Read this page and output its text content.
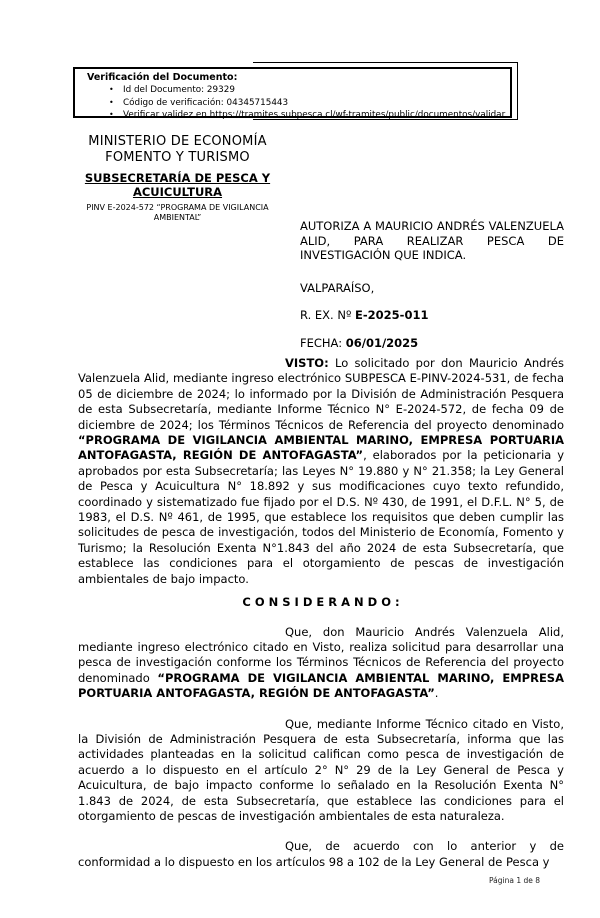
Verificación del Documento:
• Id del Documento: 29329
• Código de verificación: 04345715443
• Verificar validez en https://tramites.subpesca.cl/wf-tramites/public/documentos/validar
MINISTERIO DE ECONOMÍA
FOMENTO Y TURISMO
SUBSECRETARÍA DE PESCA Y ACUICULTURA
PINV E-2024-572 “PROGRAMA DE VIGILANCIA AMBIENTAL”
AUTORIZA A MAURICIO ANDRÉS VALENZUELA ALID, PARA REALIZAR PESCA DE INVESTIGACIÓN QUE INDICA.
VALPARAÍSO,
R. EX. Nº E-2025-011
FECHA: 06/01/2025

VISTO: Lo solicitado por don Mauricio Andrés Valenzuela Alid, mediante ingreso electrónico SUBPESCA E-PINV-2024-531, de fecha 05 de diciembre de 2024; lo informado por la División de Administración Pesquera de esta Subsecretaría, mediante Informe Técnico N° E-2024-572, de fecha 09 de diciembre de 2024; los Términos Técnicos de Referencia del proyecto denominado “PROGRAMA DE VIGILANCIA AMBIENTAL MARINO, EMPRESA PORTUARIA ANTOFAGASTA, REGIÓN DE ANTOFAGASTA”, elaborados por la peticionaria y aprobados por esta Subsecretaría; las Leyes N° 19.880 y N° 21.358; la Ley General de Pesca y Acuicultura N° 18.892 y sus modificaciones cuyo texto refundido, coordinado y sistematizado fue fijado por el D.S. Nº 430, de 1991, el D.F.L. N° 5, de 1983, el D.S. Nº 461, de 1995, que establece los requisitos que deben cumplir las solicitudes de pesca de investigación, todos del Ministerio de Economía, Fomento y Turismo; la Resolución Exenta N°1.843 del año 2024 de esta Subsecretaría, que establece las condiciones para el otorgamiento de pescas de investigación ambientales de bajo impacto.

C O N S I D E R A N D O :

Que, don Mauricio Andrés Valenzuela Alid, mediante ingreso electrónico citado en Visto, realiza solicitud para desarrollar una pesca de investigación conforme los Términos Técnicos de Referencia del proyecto denominado “PROGRAMA DE VIGILANCIA AMBIENTAL MARINO, EMPRESA PORTUARIA ANTOFAGASTA, REGIÓN DE ANTOFAGASTA”.

Que, mediante Informe Técnico citado en Visto, la División de Administración Pesquera de esta Subsecretaría, informa que las actividades planteadas en la solicitud califican como pesca de investigación de acuerdo a lo dispuesto en el artículo 2° N° 29 de la Ley General de Pesca y Acuicultura, de bajo impacto conforme lo señalado en la Resolución Exenta N° 1.843 de 2024, de esta Subsecretaría, que establece las condiciones para el otorgamiento de pescas de investigación ambientales de esta naturaleza.

Que, de acuerdo con lo anterior y de conformidad a lo dispuesto en los artículos 98 a 102 de la Ley General de Pesca y

Página 1 de 8
